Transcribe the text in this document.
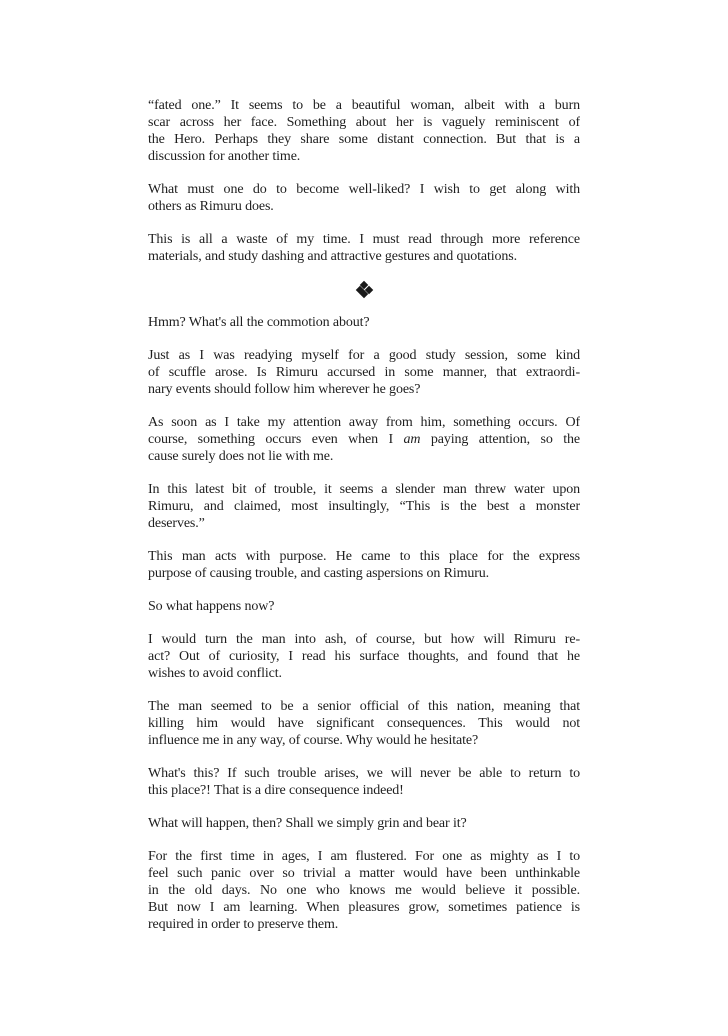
“fated one.” It seems to be a beautiful woman, albeit with a burn
scar across her face. Something about her is vaguely reminiscent of
the Hero. Perhaps they share some distant connection. But that is a
discussion for another time.

What must one do to become well-liked? I wish to get along with
others as Rimuru does.

This is all a waste of my time. I must read through more reference
materials, and study dashing and attractive gestures and quotations.

Hmm? What's all the commotion about?

Just as I was readying myself for a good study session, some kind
of scuffle arose. Is Rimuru accursed in some manner, that extraordi-
nary events should follow him wherever he goes?

As soon as I take my attention away from him, something occurs. Of
course, something occurs even when I am paying attention, so the
cause surely does not lie with me.

In this latest bit of trouble, it seems a slender man threw water upon
Rimuru, and claimed, most insultingly, “This is the best a monster
deserves.”

This man acts with purpose. He came to this place for the express
purpose of causing trouble, and casting aspersions on Rimuru.

So what happens now?

I would turn the man into ash, of course, but how will Rimuru re-
act? Out of curiosity, I read his surface thoughts, and found that he
wishes to avoid conflict.

The man seemed to be a senior official of this nation, meaning that
killing him would have significant consequences. This would not
influence me in any way, of course. Why would he hesitate?

What's this? If such trouble arises, we will never be able to return to
this place?! That is a dire consequence indeed!

What will happen, then? Shall we simply grin and bear it?

For the first time in ages, I am flustered. For one as mighty as I to
feel such panic over so trivial a matter would have been unthinkable
in the old days. No one who knows me would believe it possible.
But now I am learning. When pleasures grow, sometimes patience is
required in order to preserve them.
